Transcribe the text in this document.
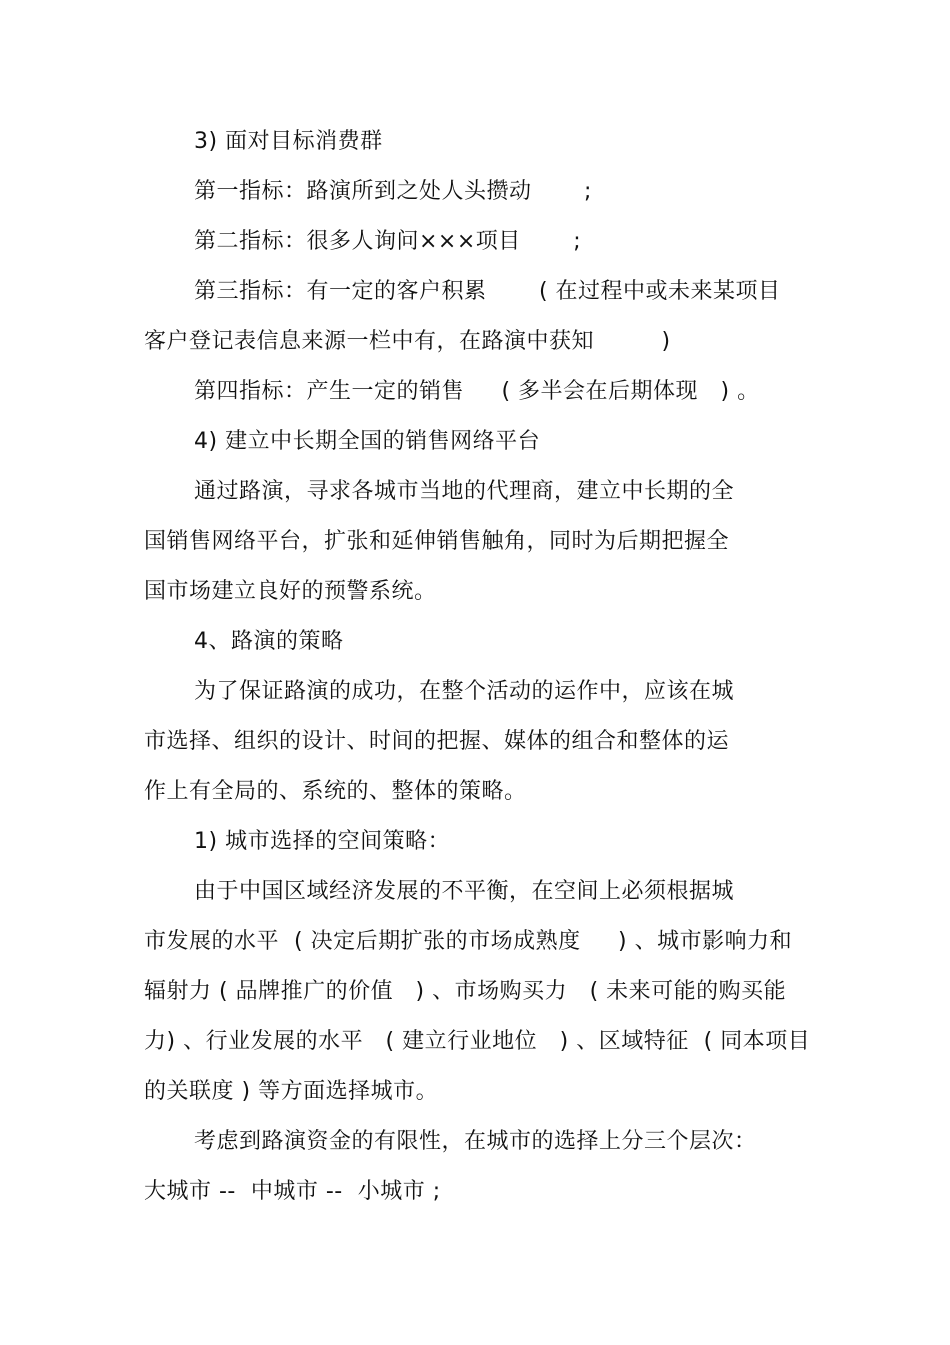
3) 面对目标消费群
第一指标：路演所到之处人头攒动       ;
第二指标：很多人询问×××项目       ;
第三指标：有一定的客户积累       ( 在过程中或未来某项目
客户登记表信息来源一栏中有，在路演中获知         )
第四指标：产生一定的销售     ( 多半会在后期体现   ) 。
4) 建立中长期全国的销售网络平台
通过路演，寻求各城市当地的代理商，建立中长期的全
国销售网络平台，扩张和延伸销售触角，同时为后期把握全
国市场建立良好的预警系统。
4、路演的策略
为了保证路演的成功，在整个活动的运作中，应该在城
市选择、组织的设计、时间的把握、媒体的组合和整体的运
作上有全局的、系统的、整体的策略。
1) 城市选择的空间策略：
由于中国区域经济发展的不平衡，在空间上必须根据城
市发展的水平  ( 决定后期扩张的市场成熟度     ) 、城市影响力和
辐射力 ( 品牌推广的价值   ) 、市场购买力   ( 未来可能的购买能
力) 、行业发展的水平   ( 建立行业地位   ) 、区域特征  ( 同本项目
的关联度 ) 等方面选择城市。
考虑到路演资金的有限性，在城市的选择上分三个层次：
大城市 --  中城市 --  小城市 ;
